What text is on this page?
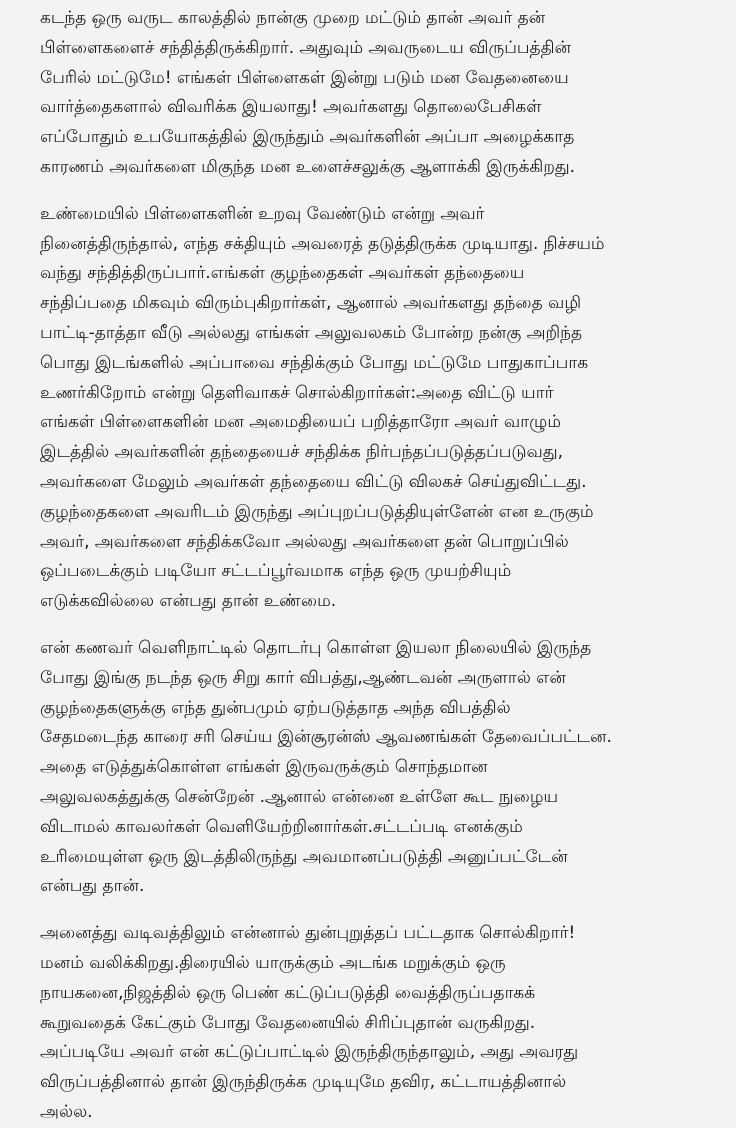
கடந்த ஒரு வருட காலத்தில் நான்கு முறை மட்டும் தான் அவர் தன்
பிள்ளைகளைச் சந்தித்திருக்கிறார். அதுவும் அவருடைய விருப்பத்தின்
பேரில் மட்டுமே! எங்கள் பிள்ளைகள் இன்று படும் மன வேதனையை
வார்த்தைகளால் விவரிக்க இயலாது! அவர்களது தொலைபேசிகள்
எப்போதும் உபயோகத்தில் இருந்தும் அவர்களின் அப்பா அழைக்காத
காரணம் அவர்களை மிகுந்த மன உளைச்சலுக்கு ஆளாக்கி இருக்கிறது.
உண்மையில் பிள்ளைகளின் உறவு வேண்டும் என்று அவர்
நினைத்திருந்தால், எந்த சக்தியும் அவரைத் தடுத்திருக்க முடியாது. நிச்சயம்
வந்து சந்தித்திருப்பார்.எங்கள் குழந்தைகள் அவர்கள் தந்தையை
சந்திப்பதை மிகவும் விரும்புகிறார்கள், ஆனால் அவர்களது தந்தை வழி
பாட்டி-தாத்தா வீடு அல்லது எங்கள் அலுவலகம் போன்ற நன்கு அறிந்த
பொது இடங்களில் அப்பாவை சந்திக்கும் போது மட்டுமே பாதுகாப்பாக
உணர்கிறோம் என்று தெளிவாகச் சொல்கிறார்கள்:அதை விட்டு யார்
எங்கள் பிள்ளைகளின் மன அமைதியைப் பறித்தாரோ அவர் வாழும்
இடத்தில் அவர்களின் தந்தையைச் சந்திக்க நிர்பந்தப்படுத்தப்படுவது,
அவர்களை மேலும் அவர்கள் தந்தையை விட்டு விலகச் செய்துவிட்டது.
குழந்தைகளை அவரிடம் இருந்து அப்புறப்படுத்தியுள்ளேன் என உருகும்
அவர், அவர்களை சந்திக்கவோ அல்லது அவர்களை தன் பொறுப்பில்
ஒப்படைக்கும் படியோ சட்டப்பூர்வமாக எந்த ஒரு முயற்சியும்
எடுக்கவில்லை என்பது தான் உண்மை.
என் கணவர் வெளிநாட்டில் தொடர்பு கொள்ள இயலா நிலையில் இருந்த
போது இங்கு நடந்த ஒரு சிறு கார் விபத்து,ஆண்டவன் அருளால் என்
குழந்தைகளுக்கு எந்த துன்பமும் ஏற்படுத்தாத அந்த விபத்தில்
சேதமடைந்த காரை சரி செய்ய இன்சூரன்ஸ் ஆவணங்கள் தேவைப்பட்டன.
அதை எடுத்துக்கொள்ள எங்கள் இருவருக்கும் சொந்தமான
அலுவலகத்துக்கு சென்றேன் .ஆனால் என்னை உள்ளே கூட நுழைய
விடாமல் காவலர்கள் வெளியேற்றினார்கள்.சட்டப்படி எனக்கும்
உரிமையுள்ள ஒரு இடத்திலிருந்து அவமானப்படுத்தி அனுப்பட்டேன்
என்பது தான்.
அனைத்து வடிவத்திலும் என்னால் துன்புறுத்தப் பட்டதாக சொல்கிறார்!
மனம் வலிக்கிறது.திரையில் யாருக்கும் அடங்க மறுக்கும் ஒரு
நாயகனை,நிஜத்தில் ஒரு பெண் கட்டுப்படுத்தி வைத்திருப்பதாகக்
கூறுவதைக் கேட்கும் போது வேதனையில் சிரிப்புதான் வருகிறது.
அப்படியே அவர் என் கட்டுப்பாட்டில் இருந்திருந்தாலும், அது அவரது
விருப்பத்தினால் தான் இருந்திருக்க முடியுமே தவிர, கட்டாயத்தினால்
அல்ல.
